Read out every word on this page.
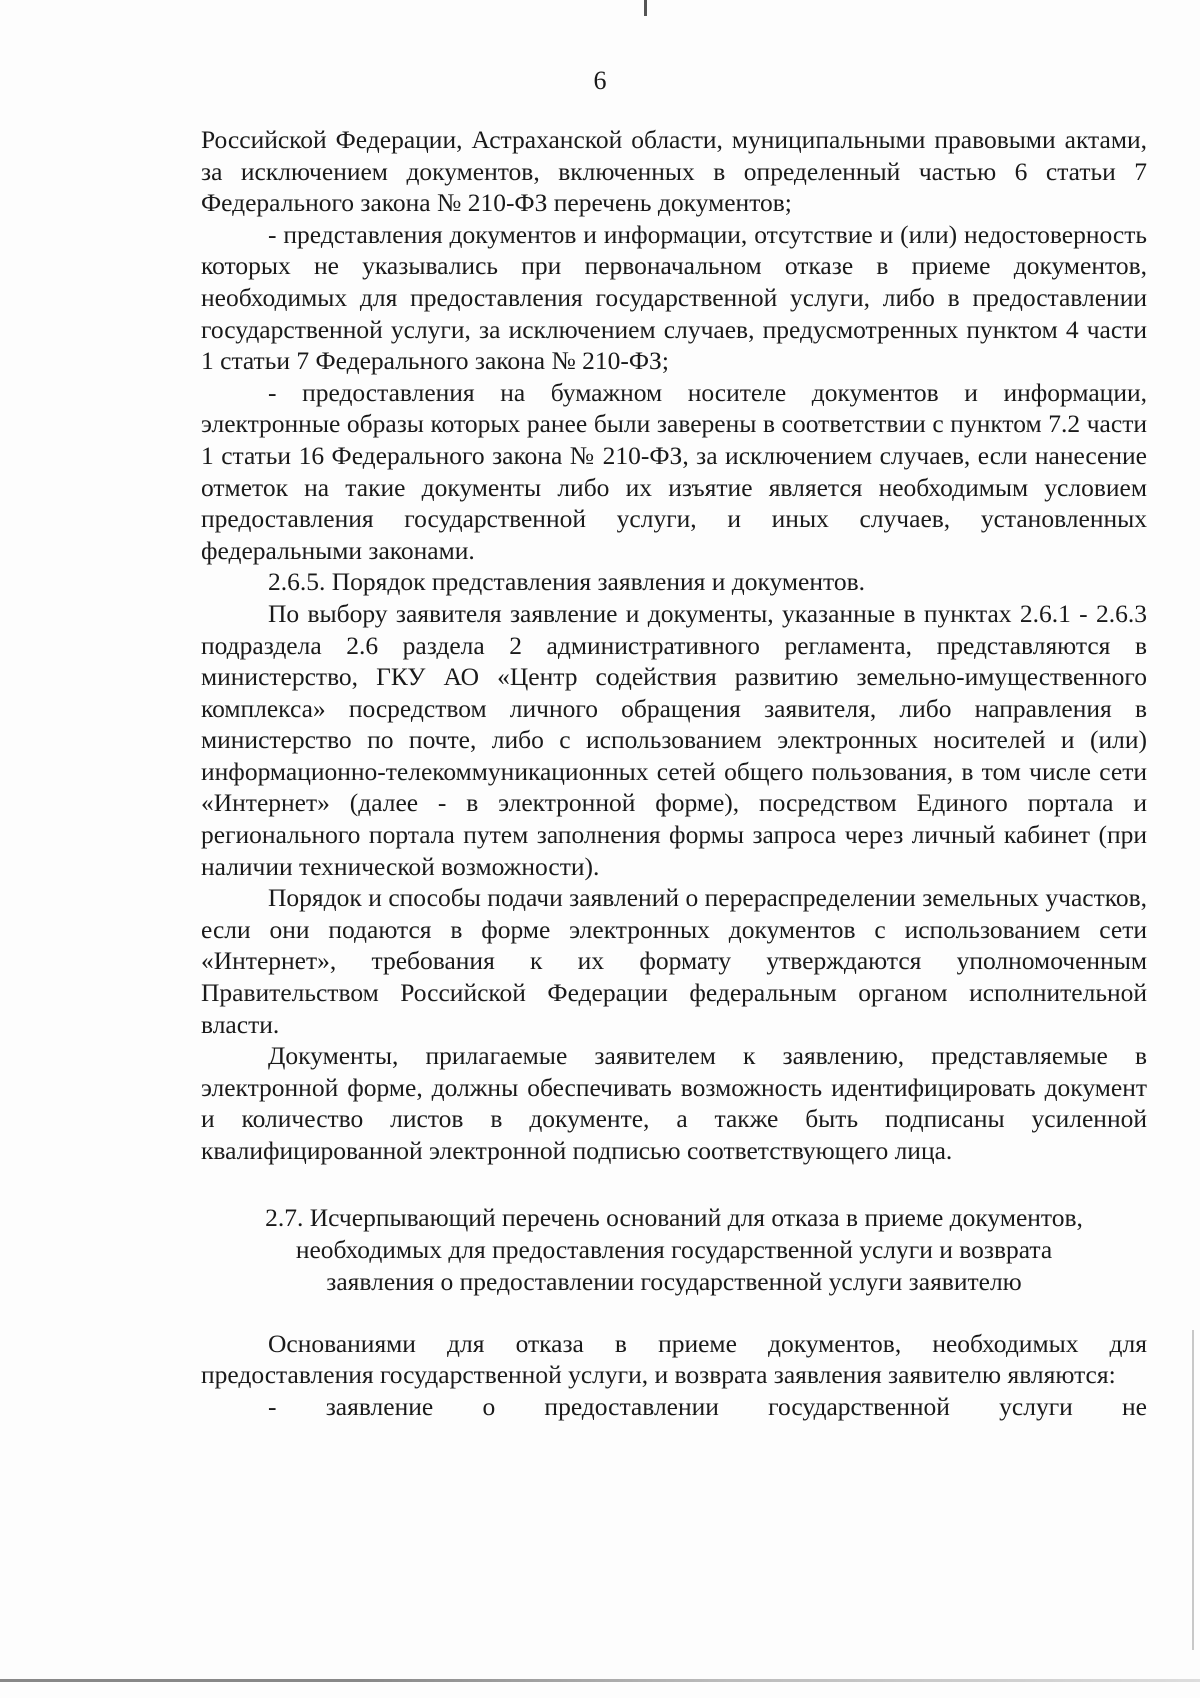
6

Российской Федерации, Астраханской области, муниципальными правовыми актами, за исключением документов, включенных в определенный частью 6 статьи 7 Федерального закона № 210-ФЗ перечень документов;

- представления документов и информации, отсутствие и (или) недостоверность которых не указывались при первоначальном отказе в приеме документов, необходимых для предоставления государственной услуги, либо в предоставлении государственной услуги, за исключением случаев, предусмотренных пунктом 4 части 1 статьи 7 Федерального закона № 210-ФЗ;

- предоставления на бумажном носителе документов и информации, электронные образы которых ранее были заверены в соответствии с пунктом 7.2 части 1 статьи 16 Федерального закона № 210-ФЗ, за исключением случаев, если нанесение отметок на такие документы либо их изъятие является необходимым условием предоставления государственной услуги, и иных случаев, установленных федеральными законами.

2.6.5. Порядок представления заявления и документов.

По выбору заявителя заявление и документы, указанные в пунктах 2.6.1 - 2.6.3 подраздела 2.6 раздела 2 административного регламента, представляются в министерство, ГКУ АО «Центр содействия развитию земельно-имущественного комплекса» посредством личного обращения заявителя, либо направления в министерство по почте, либо с использованием электронных носителей и (или) информационно-телекоммуникационных сетей общего пользования, в том числе сети «Интернет» (далее - в электронной форме), посредством Единого портала и регионального портала путем заполнения формы запроса через личный кабинет (при наличии технической возможности).

Порядок и способы подачи заявлений о перераспределении земельных участков, если они подаются в форме электронных документов с использованием сети «Интернет», требования к их формату утверждаются уполномоченным Правительством Российской Федерации федеральным органом исполнительной власти.

Документы, прилагаемые заявителем к заявлению, представляемые в электронной форме, должны обеспечивать возможность идентифицировать документ и количество листов в документе, а также быть подписаны усиленной квалифицированной электронной подписью соответствующего лица.

2.7. Исчерпывающий перечень оснований для отказа в приеме документов,
необходимых для предоставления государственной услуги и возврата
заявления о предоставлении государственной услуги заявителю

Основаниями для отказа в приеме документов, необходимых для предоставления государственной услуги, и возврата заявления заявителю являются:

- заявление о предоставлении государственной услуги не
